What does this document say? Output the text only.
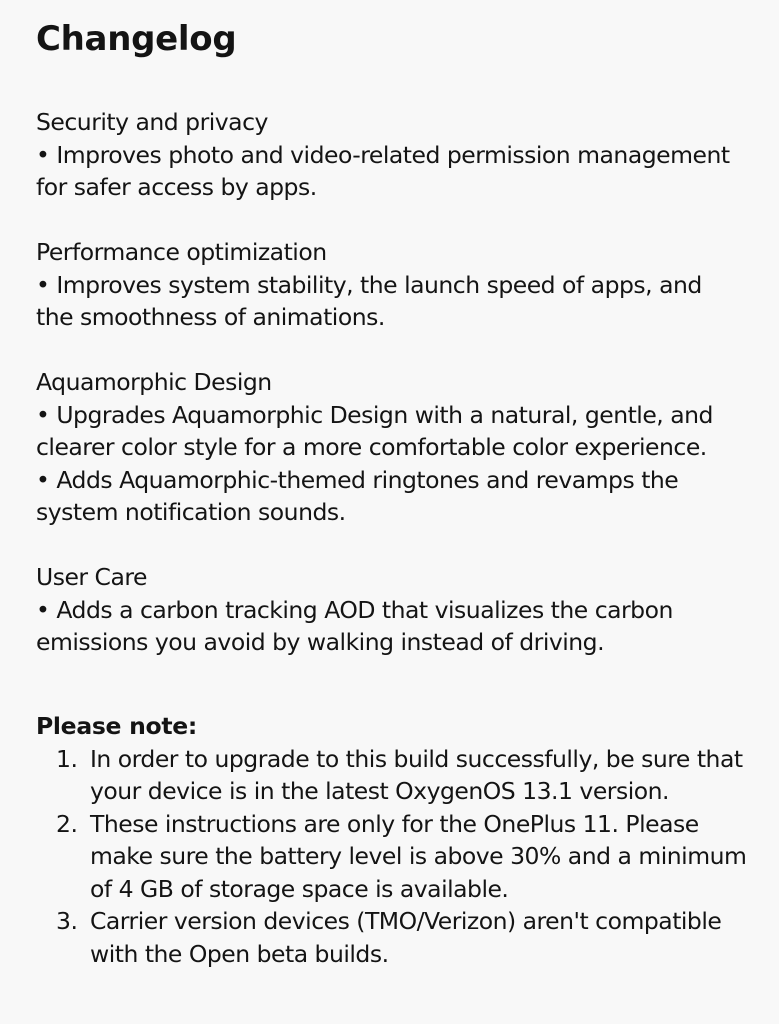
Changelog
Security and privacy
• Improves photo and video-related permission management for safer access by apps.
Performance optimization
• Improves system stability, the launch speed of apps, and the smoothness of animations.
Aquamorphic Design
• Upgrades Aquamorphic Design with a natural, gentle, and clearer color style for a more comfortable color experience.
• Adds Aquamorphic-themed ringtones and revamps the system notification sounds.
User Care
• Adds a carbon tracking AOD that visualizes the carbon emissions you avoid by walking instead of driving.
Please note:
1. In order to upgrade to this build successfully, be sure that your device is in the latest OxygenOS 13.1 version.
2. These instructions are only for the OnePlus 11. Please make sure the battery level is above 30% and a minimum of 4 GB of storage space is available.
3. Carrier version devices (TMO/Verizon) aren't compatible with the Open beta builds.
